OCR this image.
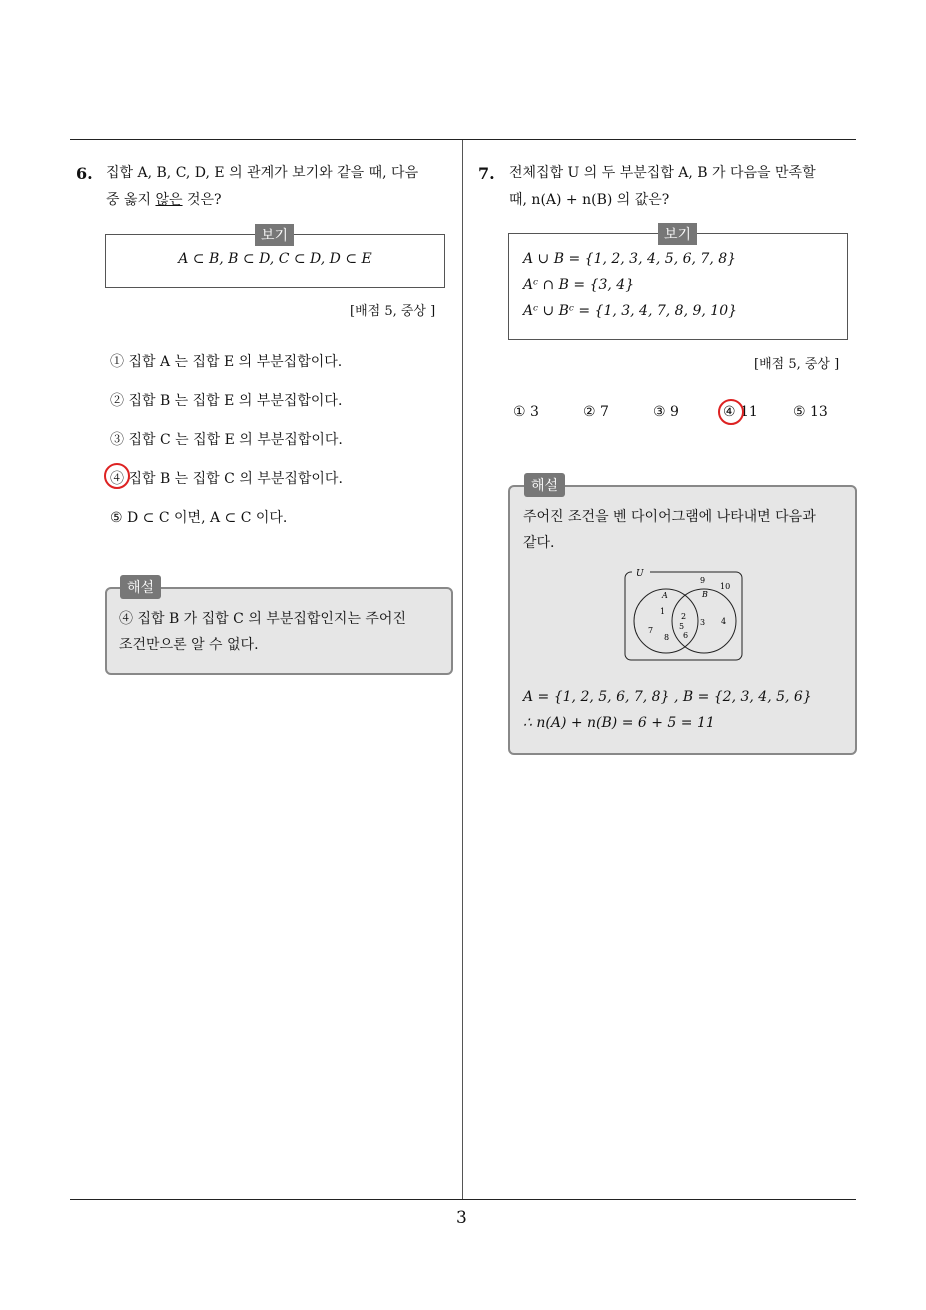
3
6. 집합 A, B, C, D, E 의 관계가 보기와 같을 때, 다음
중 옳지 않은 것은?
A ⊂ B, B ⊂ D, C ⊂ D, D ⊂ E
보기
[배점 5, 중상 ]
① 집합 A 는 집합 E 의 부분집합이다.
② 집합 B 는 집합 E 의 부분집합이다.
③ 집합 C 는 집합 E 의 부분집합이다.
④ 집합 B 는 집합 C 의 부분집합이다.
⑤ D ⊂ C 이면, A ⊂ C 이다.
④ 집합 B 가 집합 C 의 부분집합인지는 주어진
조건만으론 알 수 없다.
해설
7. 전체집합 U 의 두 부분집합 A, B 가 다음을 만족할
때, n(A) + n(B) 의 값은?
A ∪ B = {1, 2, 3, 4, 5, 6, 7, 8}
Aᶜ ∩ B = {3, 4}
Aᶜ ∪ Bᶜ = {1, 3, 4, 7, 8, 9, 10}
보기
[배점 5, 중상 ]
① 3	② 7	③ 9	④ 11	⑤ 13
주어진 조건을 벤 다이어그램에 나타내면 다음과
같다.
U
A	B
1
7
8
2
5
6
3 4
9
10
A = {1, 2, 5, 6, 7, 8} , B = {2, 3, 4, 5, 6}
∴ n(A) + n(B) = 6 + 5 = 11
해설
